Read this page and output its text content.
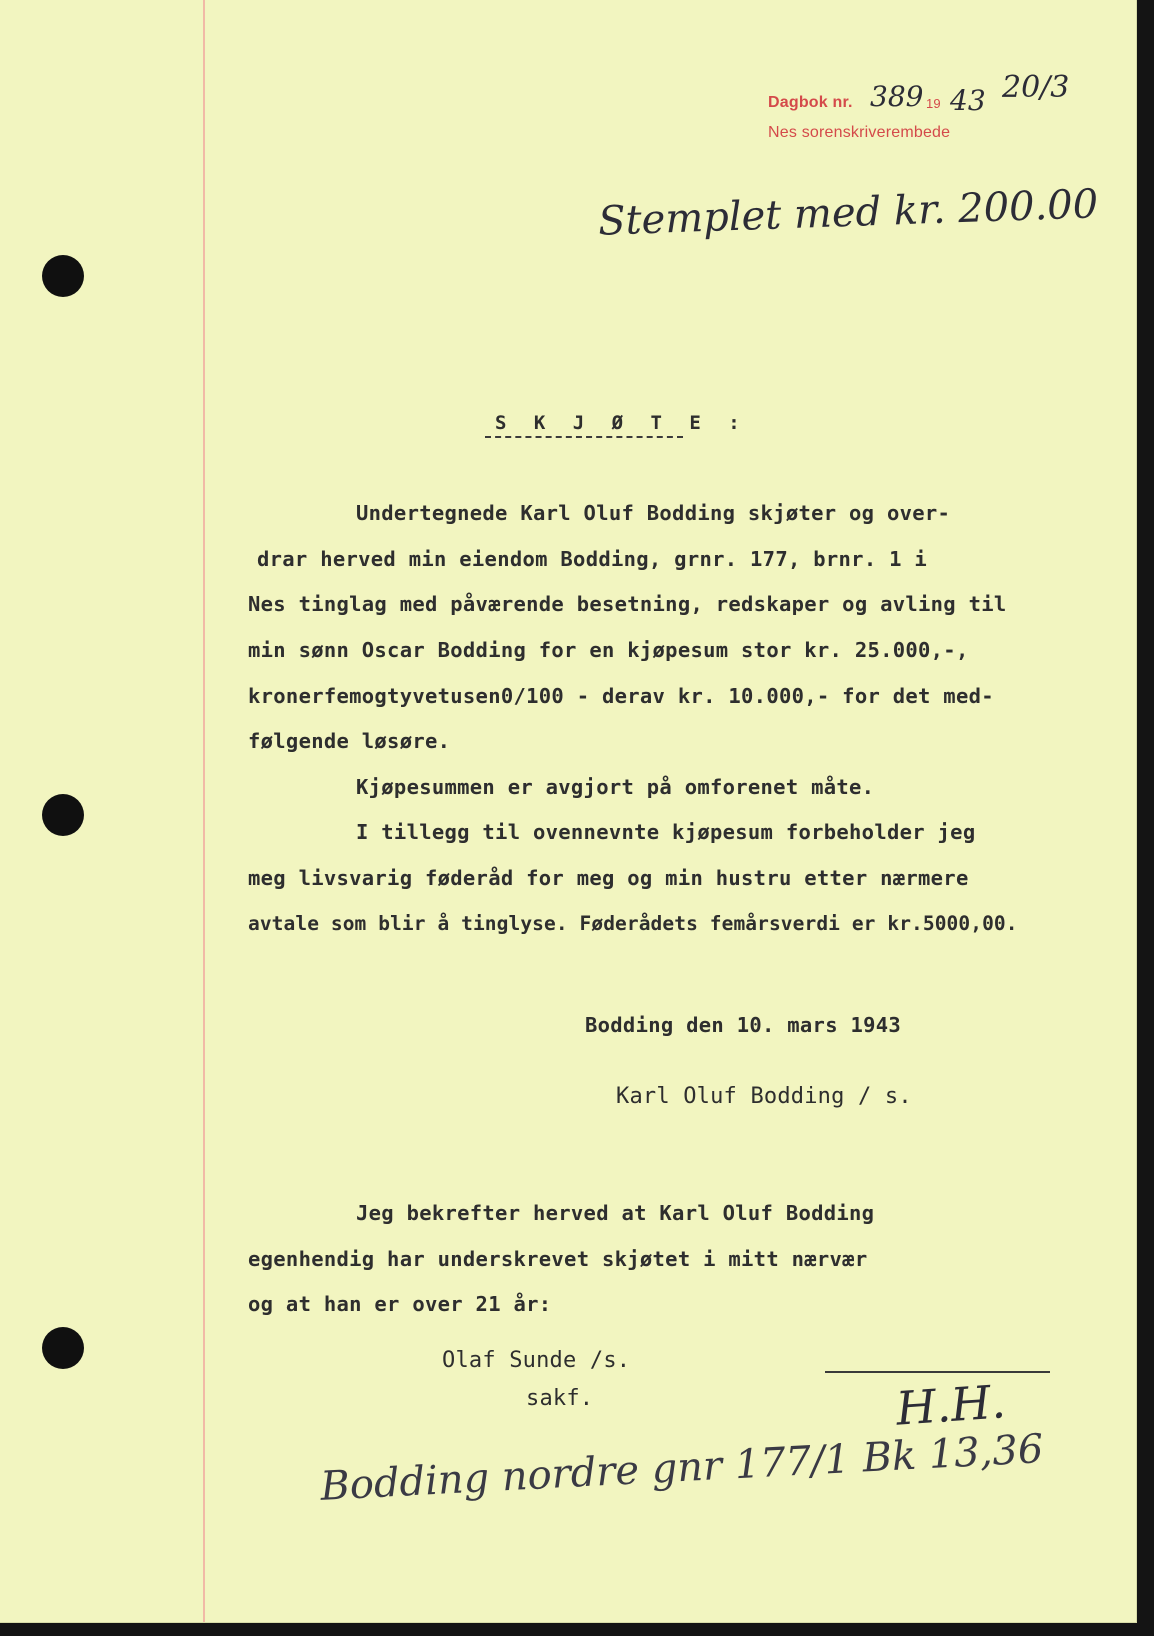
Dagbok nr. 389 19 43 20/3
Nes sorenskriverembede
Stemplet med kr. 200.00
S K J Ø T E :
Undertegnede Karl Oluf Bodding skjøter og over-
drar herved min eiendom Bodding, grnr. 177, brnr. 1 i
Nes tinglag med påværende besetning, redskaper og avling til
min sønn Oscar Bodding for en kjøpesum stor kr. 25.000,-,
kronerfemogtyvetusen0/100 - derav kr. 10.000,- for det med-
følgende løsøre.
Kjøpesummen er avgjort på omforenet måte.
I tillegg til ovennevnte kjøpesum forbeholder jeg
meg livsvarig føderåd for meg og min hustru etter nærmere
avtale som blir å tinglyse. Føderådets femårsverdi er kr.5000,00.
Bodding den 10. mars 1943
Karl Oluf Bodding / s.
Jeg bekrefter herved at Karl Oluf Bodding
egenhendig har underskrevet skjøtet i mitt nærvær
og at han er over 21 år:
Olaf Sunde /s.
sakf.	H.H.
Bodding nordre gnr 177/1 Bk 13,36
